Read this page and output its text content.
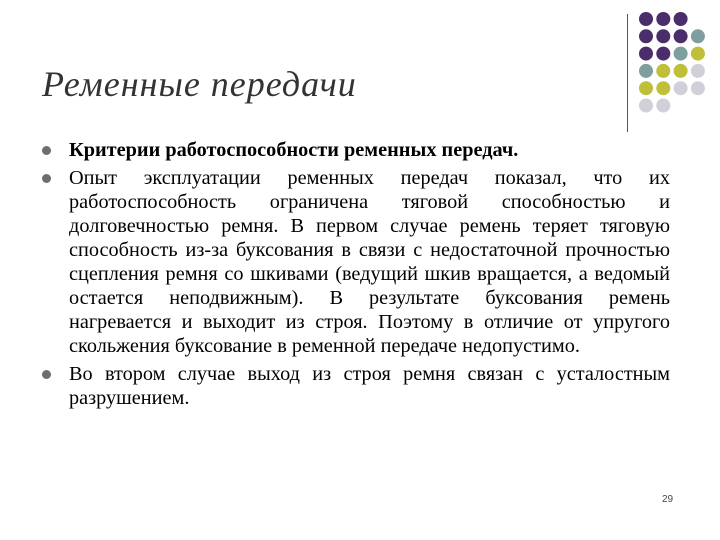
Ременные передачи
Критерии работоспособности ременных передач.
Опыт эксплуатации ременных передач показал, что их работоспособность ограничена тяговой способностью и долговечностью ремня. В первом случае ремень теряет тяговую способность из-за буксования в связи с недостаточной прочностью сцепления ремня со шкивами (ведущий шкив вращается, а ведомый остается неподвижным). В результате буксования ремень нагревается и выходит из строя. Поэтому в отличие от упругого скольжения буксование в ременной передаче недопустимо.
Во втором случае выход из строя ремня связан с усталостным разрушением.
29
